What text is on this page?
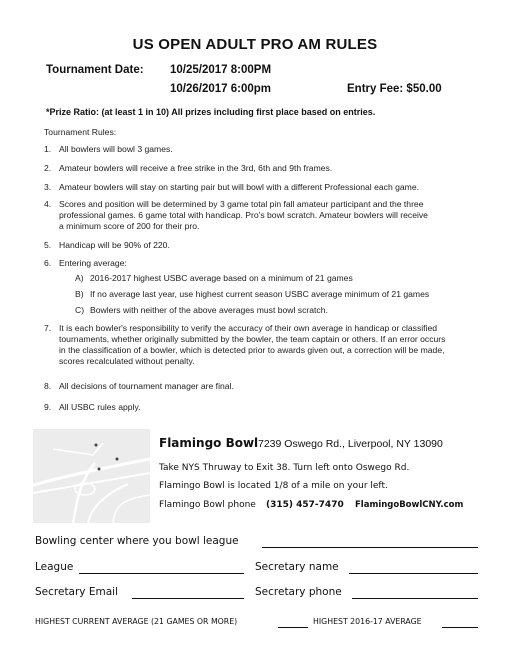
US OPEN ADULT PRO AM RULES
Tournament Date: 10/25/2017 8:00PM
10/26/2017 6:00pm	Entry Fee: $50.00
*Prize Ratio: (at least 1 in 10) All prizes including first place based on entries.
Tournament Rules:
1. All bowlers will bowl 3 games.
2. Amateur bowlers will receive a free strike in the 3rd, 6th and 9th frames.
3. Amateur bowlers will stay on starting pair but will bowl with a different Professional each game.
4. Scores and position will be determined by 3 game total pin fall amateur participant and the three
professional games. 6 game total with handicap. Pro's bowl scratch. Amateur bowlers will receive
a minimum score of 200 for their pro.
5. Handicap will be 90% of 220.
6. Entering average:
A) 2016-2017 highest USBC average based on a minimum of 21 games
B) If no average last year, use highest current season USBC average minimum of 21 games
C) Bowlers with neither of the above averages must bowl scratch.
7. It is each bowler's responsibility to verify the accuracy of their own average in handicap or classified
tournaments, whether originally submitted by the bowler, the team captain or others. If an error occurs
in the classification of a bowler, which is detected prior to awards given out, a correction will be made,
scores recalculated without penalty.
8. All decisions of tournament manager are final.
9. All USBC rules apply.
Flamingo Bowl 7239 Oswego Rd., Liverpool, NY 13090
Take NYS Thruway to Exit 38. Turn left onto Oswego Rd.
Flamingo Bowl is located 1/8 of a mile on your left.
Flamingo Bowl phone (315) 457-7470 FlamingoBowlCNY.com
Bowling center where you bowl league
League	Secretary name
Secretary Email	Secretary phone
HIGHEST CURRENT AVERAGE (21 GAMES OR MORE)	HIGHEST 2016-17 AVERAGE
